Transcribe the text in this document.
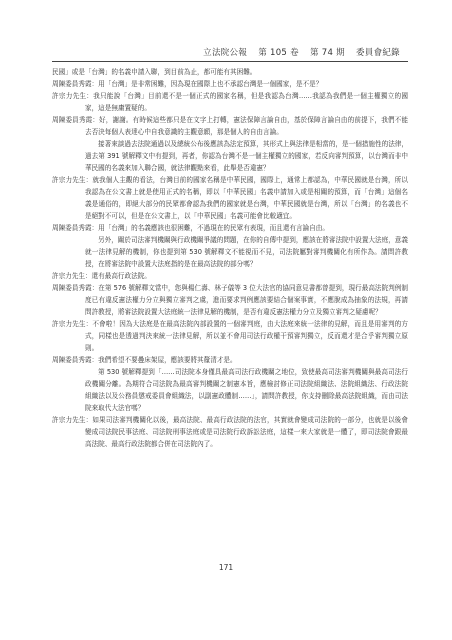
立法院公報 第 105 卷 第 74 期 委員會紀錄

民國」或是「台灣」的名義申請入聯，到目前為止，都可能有其困難。

周陳委員秀霞：用「台灣」是非常困難，因為現在國際上也不承認台灣是一個國家，是不是？

許宗力先生：我只能說「台灣」目前還不是一個正式的國家名稱，但是我認為台灣……我認為我們是一個主權獨立的國家，這是無庸置疑的。

周陳委員秀霞：好，謝謝。有時候這些都只是在文字上打轉，憲法保障言論自由，基於保障言論自由的前提下，我們不能去否決每個人表達心中自我意識的主觀意願，那是個人的自由言論。

接著來談過去法院通過以及總統公布後應該為法定預算，其形式上與法律是相當的，是一個措施性的法律，過去第 391 號解釋文中有提到，再者，你認為台灣不是一個主權獨立的國家，若反向審判預算，以台灣而非中華民國的名義來加入聯合國，就法律觀點來看，此舉是否違憲？

許宗力先生：就我個人主觀的看法，台灣目前的國家名稱是中華民國，國際上，通常上都認為，中華民國就是台灣，所以我認為在公文書上就是使用正式的名稱，即以「中華民國」名義申請加入或是相關的預算，而「台灣」這個名義是通俗的，即絕大部分的民眾都會認為我們的國家就是台灣，中華民國就是台灣，所以「台灣」的名義也不是絕對不可以，但是在公文書上，以「中華民國」名義可能會比較適宜。

周陳委員秀霞：用「台灣」的名義應該也很困難，不過現在的民眾有表現，而且還有言論自由。

另外，關於司法審判機關與行政機關爭議的問題，在你的自傳中提到，應該在將審法院中設置大法庭，意義就一法律見解的機制，你也提到第 530 號解釋文不能視而不見，司法院屬對審判機關化有所作為。請問許教授，在將審法院中設置大法庭指的是在最高法院的部分嗎？

許宗力先生：還有最高行政法院。

周陳委員秀霞：在第 576 號解釋文當中，您與楊仁壽、林子儀等 3 位大法官的協同意見書都曾提到，現行最高法院判例制度已有違反憲法權力分立與獨立審判之虞，進而要求判例應該要結合個案事實，不應脫成為抽象的法規，再請問許教授，將審法院設置大法庭統一法律見解的機制，是否有違反憲法權力分立及獨立審判之疑慮呢？

許宗力先生：不會啦！因為大法庭是在最高法院內部設置的一個審判庭，由大法庭來統一法律的見解，而且是用審判的方式，同樣也是透過判決來統一法律見解，所以並不會用司法行政權干預審判獨立，反而還才是合乎審判獨立原則。

周陳委員秀霞：我們希望不要疊床架屋，應該要將其釐清才是。

第 530 號解釋提到「……司法院本身僅具最高司法行政機關之地位，致使最高司法審判機關與最高司法行政機關分離。為期符合司法院為最高審判機關之制憲本旨，應檢討修正司法院組織法、法院組織法、行政法院組織法以及公務員懲戒委員會組織法，以副憲政體制……」，請問許教授，你支持刪除最高法院組織，而由司法院來取代大法官嗎？

許宗力先生：如果司法審判機關化以後，最高法院、最高行政法院的法官，其實就會變成司法院的一部分，也就是以後會變成司法院民事法庭、司法院刑事法庭或是司法院行政訴訟法庭，這樣一來大家就是一體了，即司法院會跟最高法院、最高行政法院都合併在司法院內了。

171
